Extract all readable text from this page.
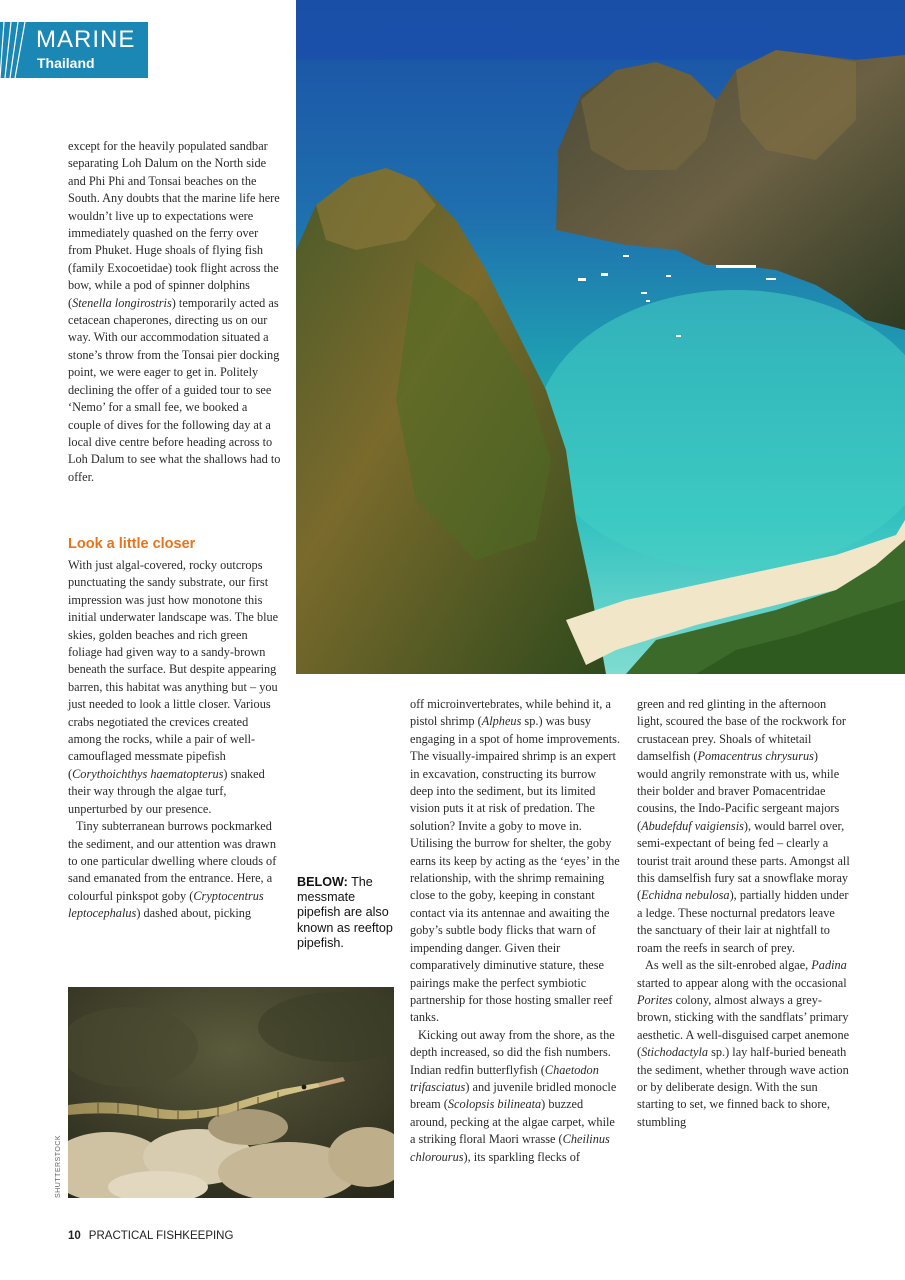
MARINE
Thailand

except for the heavily populated sandbar separating Loh Dalum on the North side and Phi Phi and Tonsai beaches on the South. Any doubts that the marine life here wouldn’t live up to expectations were immediately quashed on the ferry over from Phuket. Huge shoals of flying fish (family Exocoetidae) took flight across the bow, while a pod of spinner dolphins (Stenella longirostris) temporarily acted as cetacean chaperones, directing us on our way. With our accommodation situated a stone’s throw from the Tonsai pier docking point, we were eager to get in. Politely declining the offer of a guided tour to see ‘Nemo’ for a small fee, we booked a couple of dives for the following day at a local dive centre before heading across to Loh Dalum to see what the shallows had to offer.

Look a little closer

With just algal-covered, rocky outcrops punctuating the sandy substrate, our first impression was just how monotone this initial underwater landscape was. The blue skies, golden beaches and rich green foliage had given way to a sandy-brown beneath the surface. But despite appearing barren, this habitat was anything but – you just needed to look a little closer. Various crabs negotiated the crevices created among the rocks, while a pair of well-camouflaged messmate pipefish (Corythoichthys haematopterus) snaked their way through the algae turf, unperturbed by our presence.

Tiny subterranean burrows pockmarked the sediment, and our attention was drawn to one particular dwelling where clouds of sand emanated from the entrance. Here, a colourful pinkspot goby (Cryptocentrus leptocephalus) dashed about, picking

BELOW: The messmate pipefish are also known as reeftop pipefish.
SHUTTERSTOCK

off microinvertebrates, while behind it, a pistol shrimp (Alpheus sp.) was busy engaging in a spot of home improvements. The visually-impaired shrimp is an expert in excavation, constructing its burrow deep into the sediment, but its limited vision puts it at risk of predation. The solution? Invite a goby to move in. Utilising the burrow for shelter, the goby earns its keep by acting as the ‘eyes’ in the relationship, with the shrimp remaining close to the goby, keeping in constant contact via its antennae and awaiting the goby’s subtle body flicks that warn of impending danger. Given their comparatively diminutive stature, these pairings make the perfect symbiotic partnership for those hosting smaller reef tanks.

Kicking out away from the shore, as the depth increased, so did the fish numbers. Indian redfin butterflyfish (Chaetodon trifasciatus) and juvenile bridled monocle bream (Scolopsis bilineata) buzzed around, pecking at the algae carpet, while a striking floral Maori wrasse (Cheilinus chlorourus), its sparkling flecks of

green and red glinting in the afternoon light, scoured the base of the rockwork for crustacean prey. Shoals of whitetail damselfish (Pomacentrus chrysurus) would angrily remonstrate with us, while their bolder and braver Pomacentridae cousins, the Indo-Pacific sergeant majors (Abudefduf vaigiensis), would barrel over, semi-expectant of being fed – clearly a tourist trait around these parts. Amongst all this damselfish fury sat a snowflake moray (Echidna nebulosa), partially hidden under a ledge. These nocturnal predators leave the sanctuary of their lair at nightfall to roam the reefs in search of prey.

As well as the silt-enrobed algae, Padina started to appear along with the occasional Porites colony, almost always a grey-brown, sticking with the sandflats’ primary aesthetic. A well-disguised carpet anemone (Stichodactyla sp.) lay half-buried beneath the sediment, whether through wave action or by deliberate design. With the sun starting to set, we finned back to shore, stumbling

10 PRACTICAL FISHKEEPING
